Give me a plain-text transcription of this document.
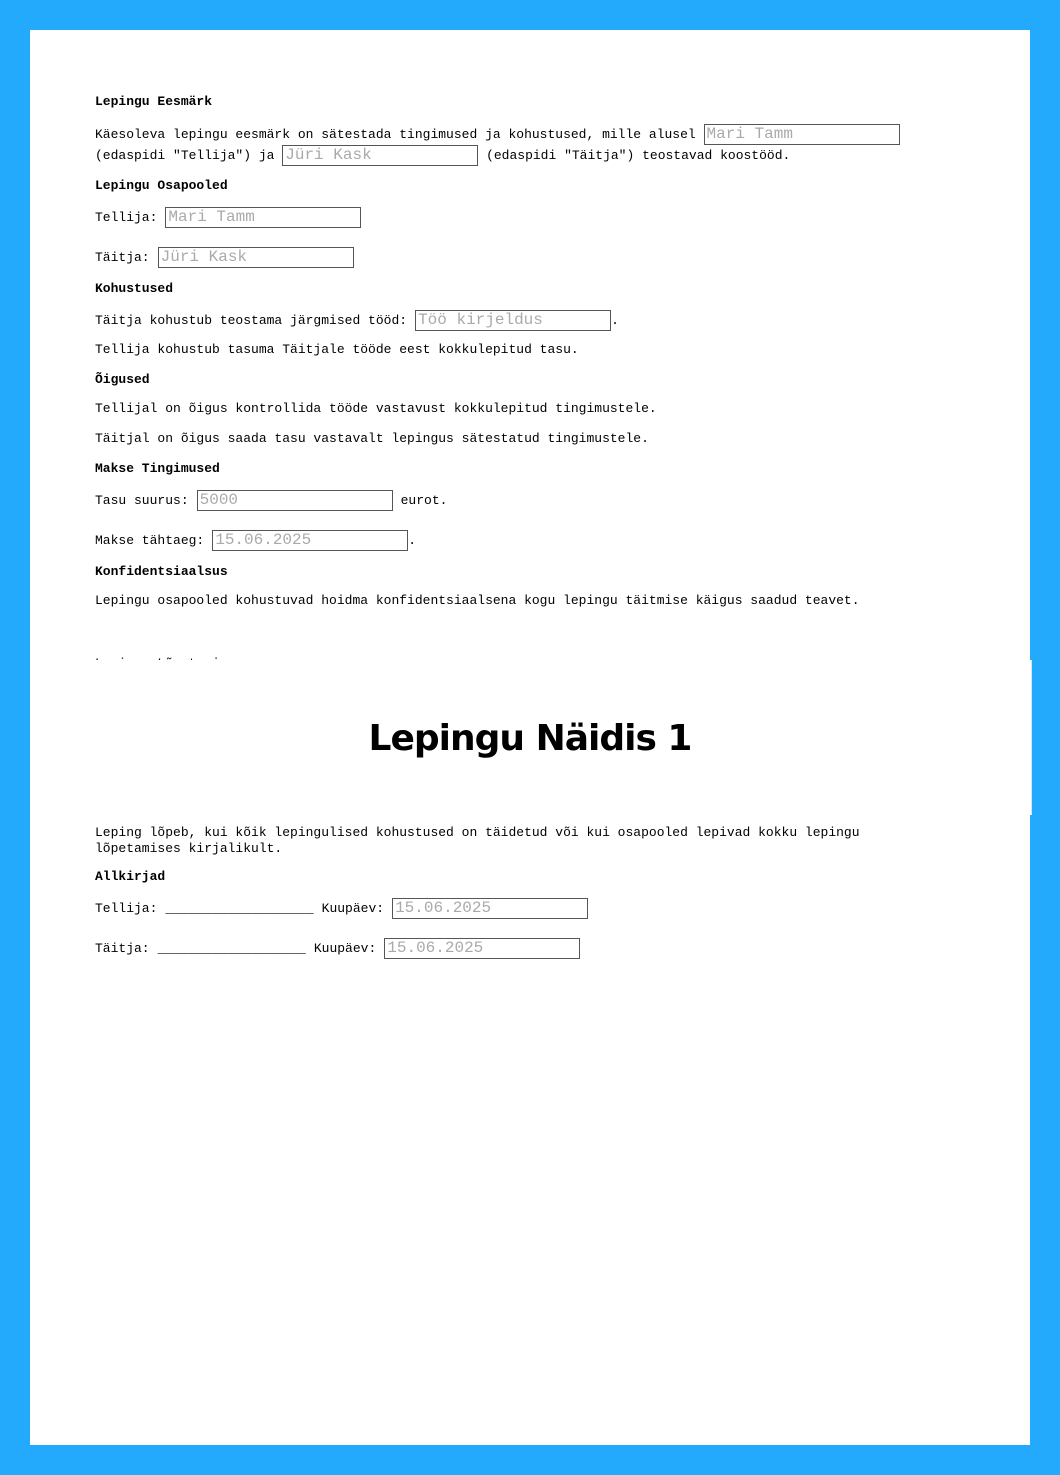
Lepingu Eesmärk

Käesoleva lepingu eesmärk on sätestada tingimused ja kohustused, mille alusel Mari Tamm
(edaspidi "Tellija") ja Jüri Kask	(edaspidi "Täitja") teostavad koostööd.

Lepingu Osapooled
Tellija: Mari Tamm
Täitja: Jüri Kask
Kohustused
Täitja kohustub teostama järgmised tööd: Töö kirjeldus	.

Tellija kohustub tasuma Täitjale tööde eest kokkulepitud tasu.

Õigused

Tellijal on õigus kontrollida tööde vastavust kokkulepitud tingimustele.

Täitjal on õigus saada tasu vastavalt lepingus sätestatud tingimustele.

Makse Tingimused
Tasu suurus: 5000	eurot.
Makse tähtaeg: 15.06.2025	.
Konfidentsiaalsus

Lepingu osapooled kohustuvad hoidma konfidentsiaalsena kogu lepingu täitmise käigus saadud teavet.

Lepingu Näidis 1

Leping lõpeb, kui kõik lepingulised kohustused on täidetud või kui osapooled lepivad kokku lepingu lõpetamises kirjalikult.

Allkirjad
Tellija: ___________________ Kuupäev: 15.06.2025
Täitja: ___________________ Kuupäev: 15.06.2025
